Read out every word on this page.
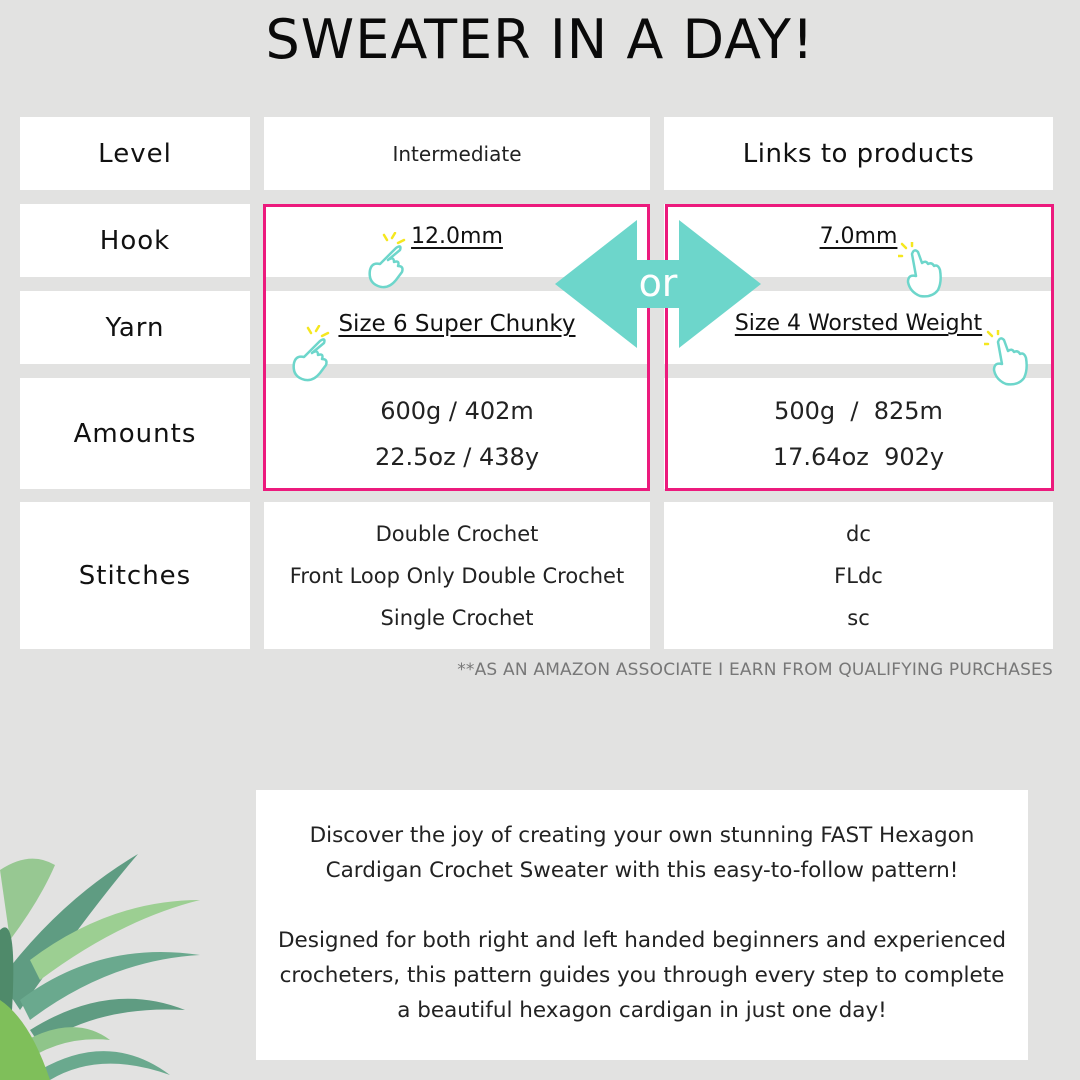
SWEATER IN A DAY!
Level
Hook
Yarn
Amounts
Stitches
Intermediate
12.0mm
Size 6 Super Chunky
600g / 402m
22.5oz / 438y
Double Crochet
Front Loop Only Double Crochet
Single Crochet
Links to products
7.0mm
Size 4 Worsted Weight
500g  /  825m
17.64oz  902y
dc
FLdc
sc
or
**AS AN AMAZON ASSOCIATE I EARN FROM QUALIFYING PURCHASES

Discover the joy of creating your own stunning FAST Hexagon Cardigan Crochet Sweater with this easy-to-follow pattern!

Designed for both right and left handed beginners and experienced crocheters, this pattern guides you through every step to complete a beautiful hexagon cardigan in just one day!
